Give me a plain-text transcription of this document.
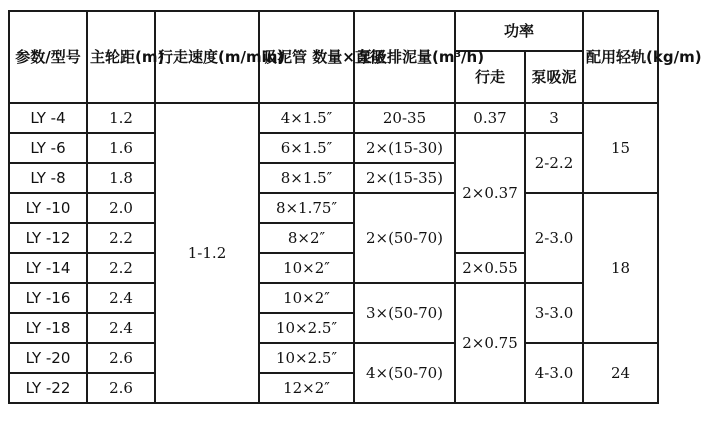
参数/型号	主轮距(m)	行走速度(m/min)	吸泥管 数量×直径	泵吸排泥量(m³/h)	功率		配用轻轨(kg/m)
					行走	泵吸泥	
LY -4	1.2	1-1.2	4×1.5″	20-35	0.37	3	15
LY -6	1.6		6×1.5″	2×(15-30)	2×0.37	2-2.2	
LY -8	1.8		8×1.5″	2×(15-35)			
LY -10	2.0		8×1.75″	2×(50-70)		2-3.0	18
LY -12	2.2		8×2″				
LY -14	2.2		10×2″		2×0.55		
LY -16	2.4		10×2″	3×(50-70)	2×0.75	3-3.0	
LY -18	2.4		10×2.5″				
LY -20	2.6		10×2.5″	4×(50-70)		4-3.0	24
LY -22	2.6		12×2″				
